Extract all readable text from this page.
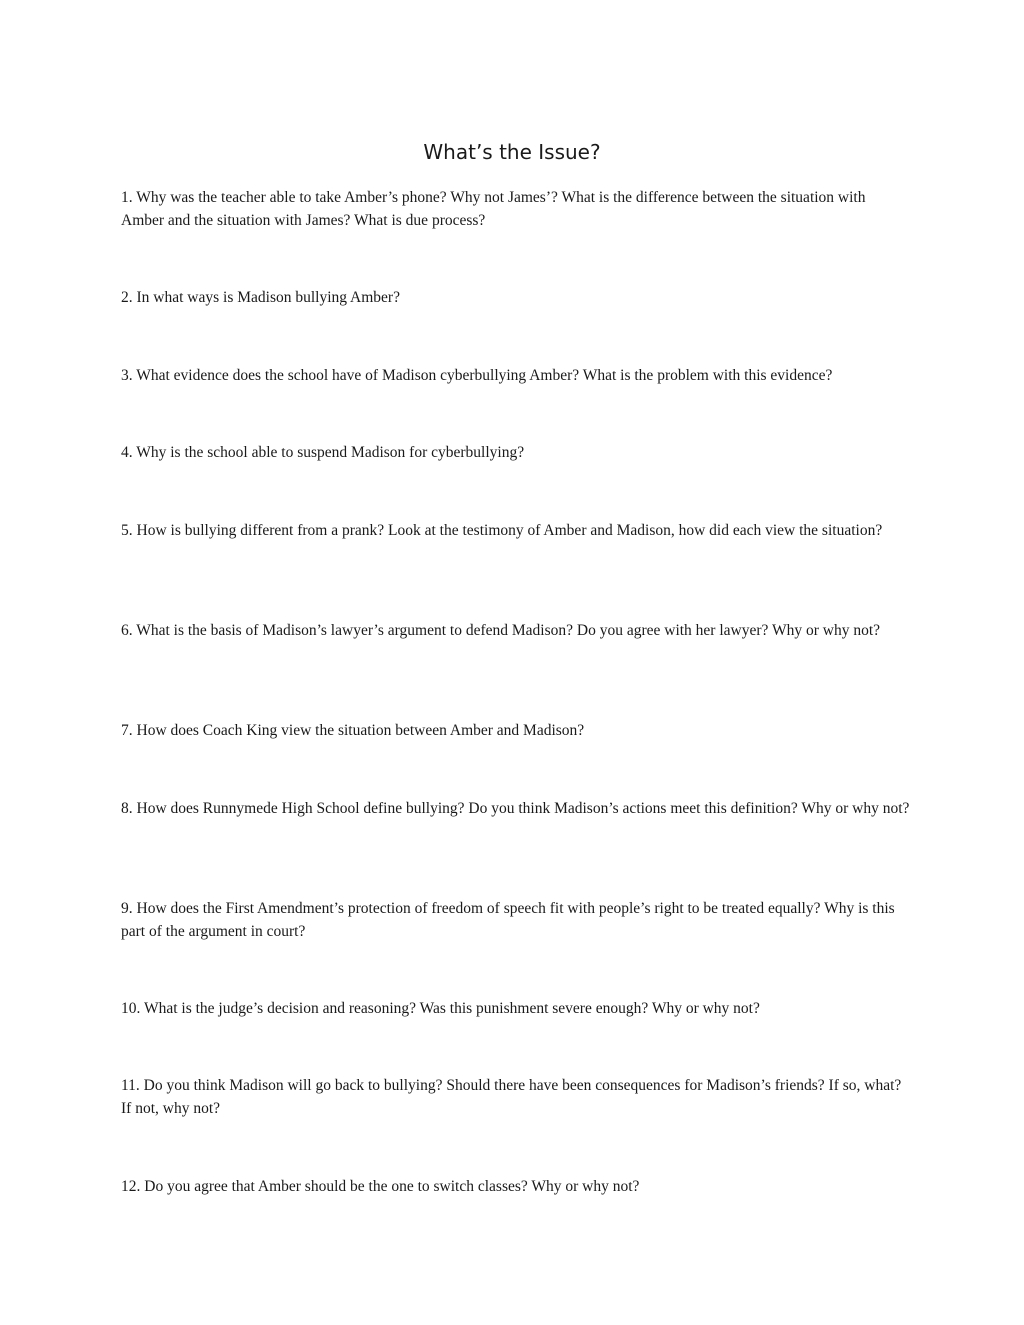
What’s the Issue?

1. Why was the teacher able to take Amber’s phone? Why not James’? What is the difference between the situation with Amber and the situation with James? What is due process?

2. In what ways is Madison bullying Amber?

3. What evidence does the school have of Madison cyberbullying Amber? What is the problem with this evidence?

4. Why is the school able to suspend Madison for cyberbullying?

5. How is bullying different from a prank? Look at the testimony of Amber and Madison, how did each view the situation?

6. What is the basis of Madison’s lawyer’s argument to defend Madison? Do you agree with her lawyer? Why or why not?

7. How does Coach King view the situation between Amber and Madison?

8. How does Runnymede High School define bullying? Do you think Madison’s actions meet this definition? Why or why not?

9. How does the First Amendment’s protection of freedom of speech fit with people’s right to be treated equally? Why is this part of the argument in court?

10. What is the judge’s decision and reasoning? Was this punishment severe enough? Why or why not?

11. Do you think Madison will go back to bullying? Should there have been consequences for Madison’s friends? If so, what? If not, why not?

12. Do you agree that Amber should be the one to switch classes? Why or why not?
